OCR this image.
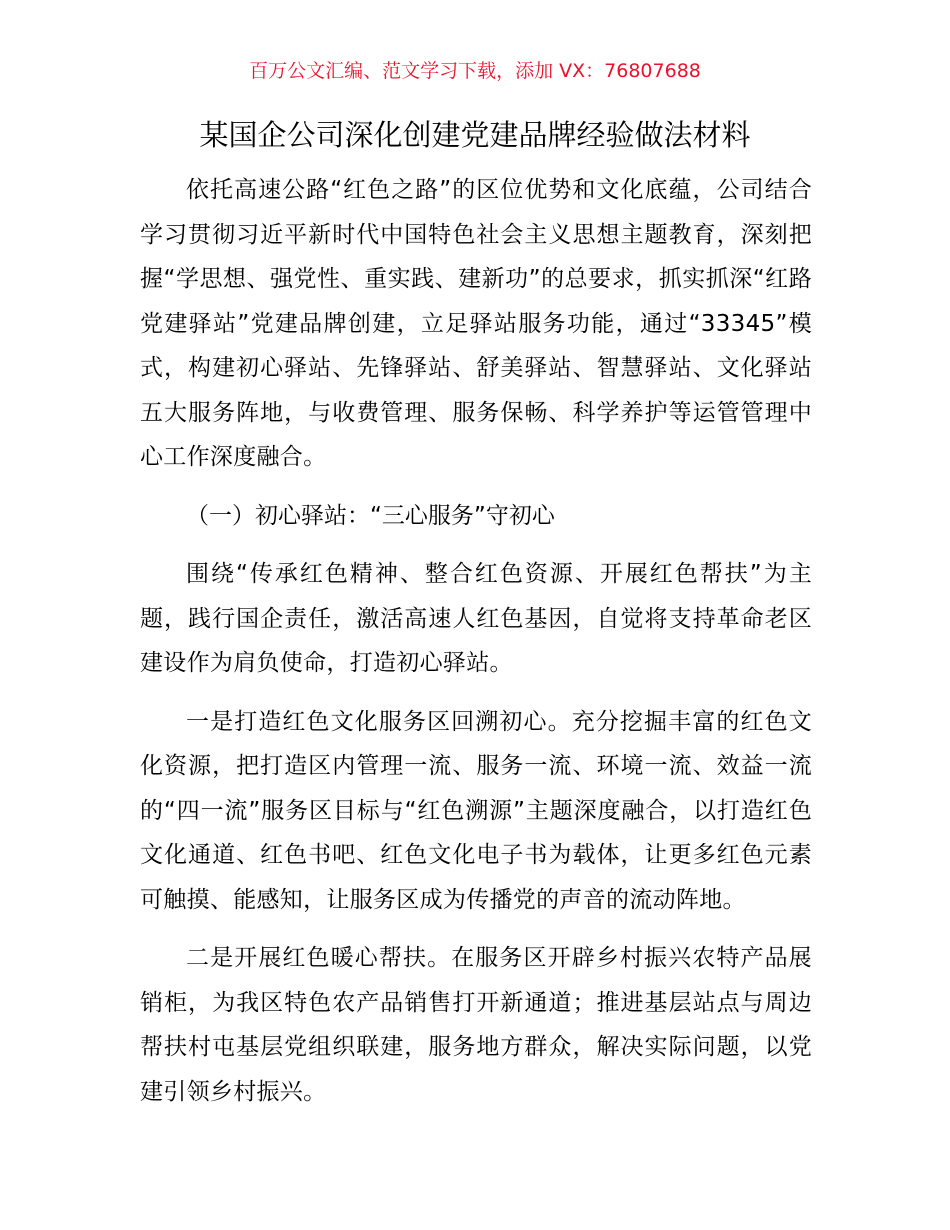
百万公文汇编、范文学习下载，添加 VX：76807688
某国企公司深化创建党建品牌经验做法材料

依托高速公路“红色之路”的区位优势和文化底蕴，公司结合学习贯彻习近平新时代中国特色社会主义思想主题教育，深刻把握“学思想、强党性、重实践、建新功”的总要求，抓实抓深“红路党建驿站”党建品牌创建，立足驿站服务功能，通过“33345”模式，构建初心驿站、先锋驿站、舒美驿站、智慧驿站、文化驿站五大服务阵地，与收费管理、服务保畅、科学养护等运管管理中心工作深度融合。

（一）初心驿站：“三心服务”守初心

围绕“传承红色精神、整合红色资源、开展红色帮扶”为主题，践行国企责任，激活高速人红色基因，自觉将支持革命老区建设作为肩负使命，打造初心驿站。

一是打造红色文化服务区回溯初心。充分挖掘丰富的红色文化资源，把打造区内管理一流、服务一流、环境一流、效益一流的“四一流”服务区目标与“红色溯源”主题深度融合，以打造红色文化通道、红色书吧、红色文化电子书为载体，让更多红色元素可触摸、能感知，让服务区成为传播党的声音的流动阵地。

二是开展红色暖心帮扶。在服务区开辟乡村振兴农特产品展销柜，为我区特色农产品销售打开新通道；推进基层站点与周边帮扶村屯基层党组织联建，服务地方群众，解决实际问题，以党建引领乡村振兴。
